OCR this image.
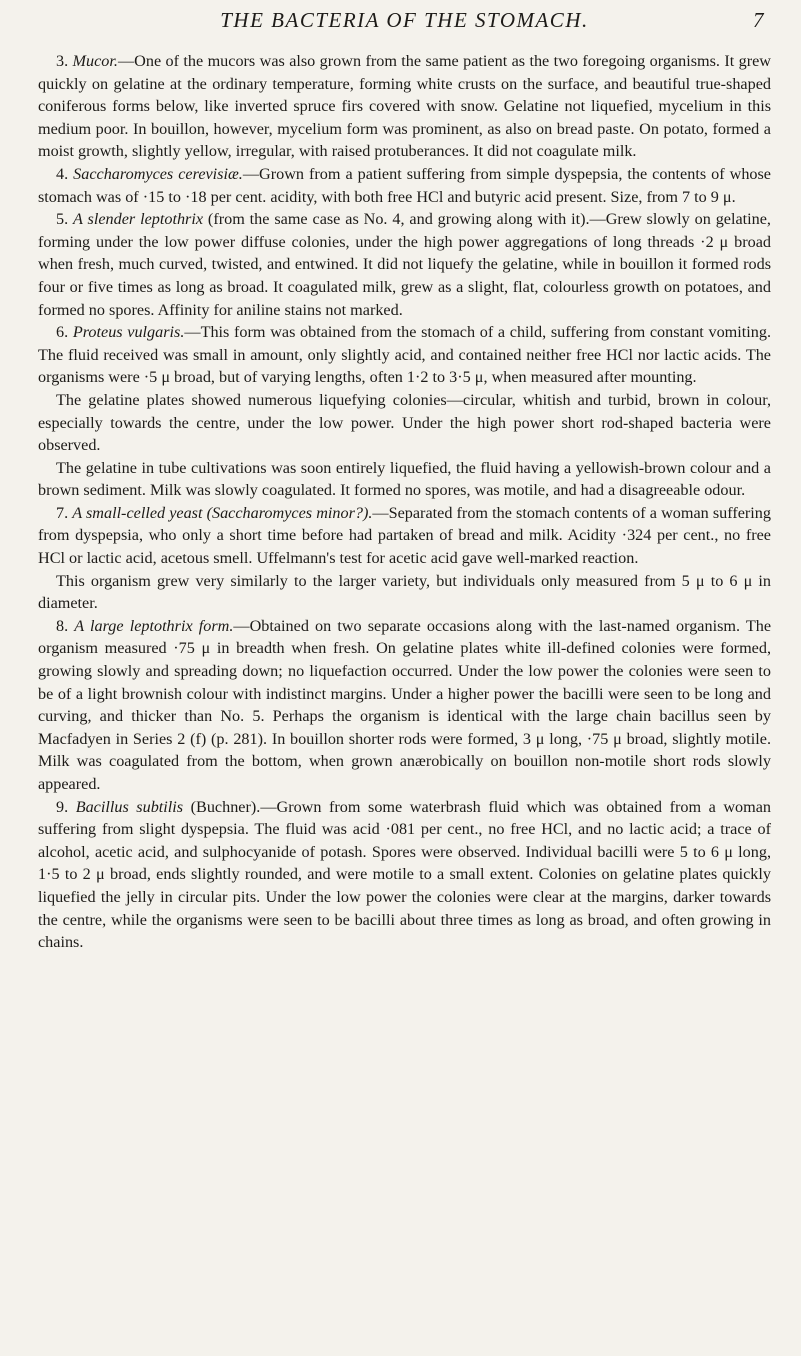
THE BACTERIA OF THE STOMACH.	7

3. Mucor.—One of the mucors was also grown from the same patient as the two foregoing organisms. It grew quickly on gelatine at the ordinary temperature, forming white crusts on the surface, and beautiful true-shaped coniferous forms below, like inverted spruce firs covered with snow. Gelatine not liquefied, mycelium in this medium poor. In bouillon, however, mycelium form was prominent, as also on bread paste. On potato, formed a moist growth, slightly yellow, irregular, with raised protuberances. It did not coagulate milk.

4. Saccharomyces cerevisiæ.—Grown from a patient suffering from simple dyspepsia, the contents of whose stomach was of ·15 to ·18 per cent. acidity, with both free HCl and butyric acid present. Size, from 7 to 9 μ.

5. A slender leptothrix (from the same case as No. 4, and growing along with it).—Grew slowly on gelatine, forming under the low power diffuse colonies, under the high power aggregations of long threads ·2 μ broad when fresh, much curved, twisted, and entwined. It did not liquefy the gelatine, while in bouillon it formed rods four or five times as long as broad. It coagulated milk, grew as a slight, flat, colourless growth on potatoes, and formed no spores. Affinity for aniline stains not marked.

6. Proteus vulgaris.—This form was obtained from the stomach of a child, suffering from constant vomiting. The fluid received was small in amount, only slightly acid, and contained neither free HCl nor lactic acids. The organisms were ·5 μ broad, but of varying lengths, often 1·2 to 3·5 μ, when measured after mounting.

The gelatine plates showed numerous liquefying colonies—circular, whitish and turbid, brown in colour, especially towards the centre, under the low power. Under the high power short rod-shaped bacteria were observed.

The gelatine in tube cultivations was soon entirely liquefied, the fluid having a yellowish-brown colour and a brown sediment. Milk was slowly coagulated. It formed no spores, was motile, and had a disagreeable odour.

7. A small-celled yeast (Saccharomyces minor?).—Separated from the stomach contents of a woman suffering from dyspepsia, who only a short time before had partaken of bread and milk. Acidity ·324 per cent., no free HCl or lactic acid, acetous smell. Uffelmann's test for acetic acid gave well-marked reaction.

This organism grew very similarly to the larger variety, but individuals only measured from 5 μ to 6 μ in diameter.

8. A large leptothrix form.—Obtained on two separate occasions along with the last-named organism. The organism measured ·75 μ in breadth when fresh. On gelatine plates white ill-defined colonies were formed, growing slowly and spreading down; no liquefaction occurred. Under the low power the colonies were seen to be of a light brownish colour with indistinct margins. Under a higher power the bacilli were seen to be long and curving, and thicker than No. 5. Perhaps the organism is identical with the large chain bacillus seen by Macfadyen in Series 2 (f) (p. 281). In bouillon shorter rods were formed, 3 μ long, ·75 μ broad, slightly motile. Milk was coagulated from the bottom, when grown anærobically on bouillon non-motile short rods slowly appeared.

9. Bacillus subtilis (Buchner).—Grown from some waterbrash fluid which was obtained from a woman suffering from slight dyspepsia. The fluid was acid ·081 per cent., no free HCl, and no lactic acid; a trace of alcohol, acetic acid, and sulphocyanide of potash. Spores were observed. Individual bacilli were 5 to 6 μ long, 1·5 to 2 μ broad, ends slightly rounded, and were motile to a small extent. Colonies on gelatine plates quickly liquefied the jelly in circular pits. Under the low power the colonies were clear at the margins, darker towards the centre, while the organisms were seen to be bacilli about three times as long as broad, and often growing in chains.
